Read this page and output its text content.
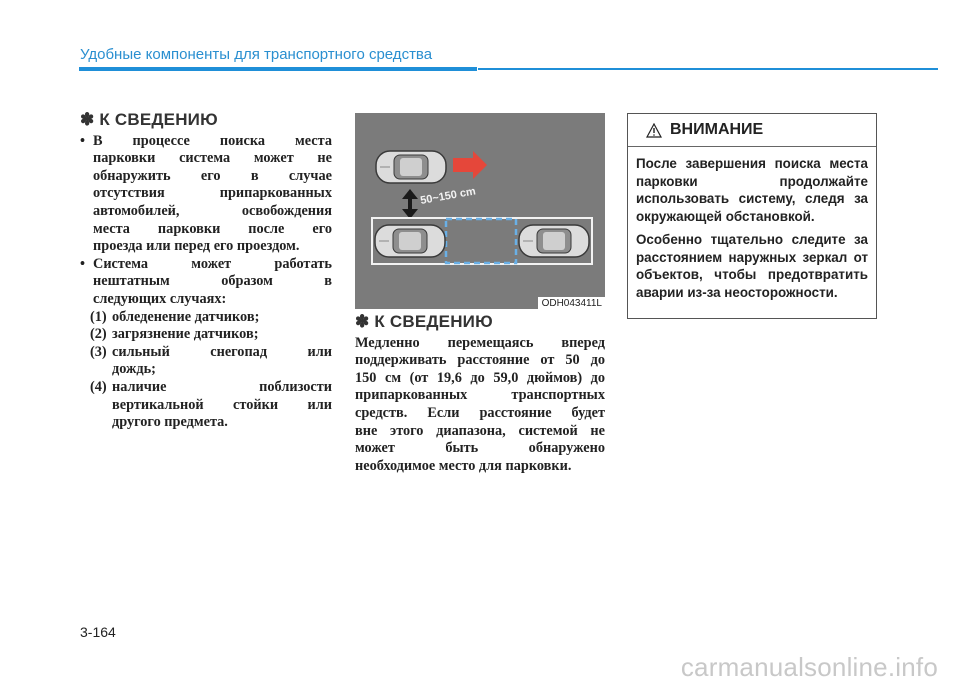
Удобные компоненты для транспортного средства
✽ К СВЕДЕНИЮ
• В процессе поиска места
парковки система может не
обнаружить его в случае
отсутствия припаркованных
автомобилей, освобождения
места парковки после его
проезда или перед его проездом.
• Система может работать
нештатным образом в
следующих случаях:
(1) обледенение датчиков;
(2) загрязнение датчиков;
(3) сильный снегопад или
дождь;
(4) наличие поблизости
вертикальной стойки или
другого предмета.
50~150 cm
ODH043411L
✽ К СВЕДЕНИЮ
Медленно перемещаясь вперед
поддерживать расстояние от 50 до
150 см (от 19,6 до 59,0 дюймов) до
припаркованных транспортных
средств. Если расстояние будет
вне этого диапазона, системой не
может быть обнаружено
необходимое место для парковки.
ВНИМАНИЕ

После завершения поиска места парковки продолжайте использовать систему, следя за окружающей обстановкой.

Особенно тщательно следите за расстоянием наружных зеркал от объектов, чтобы предотвратить аварии из-за неосторожности.

3-164
carmanualsonline.info
